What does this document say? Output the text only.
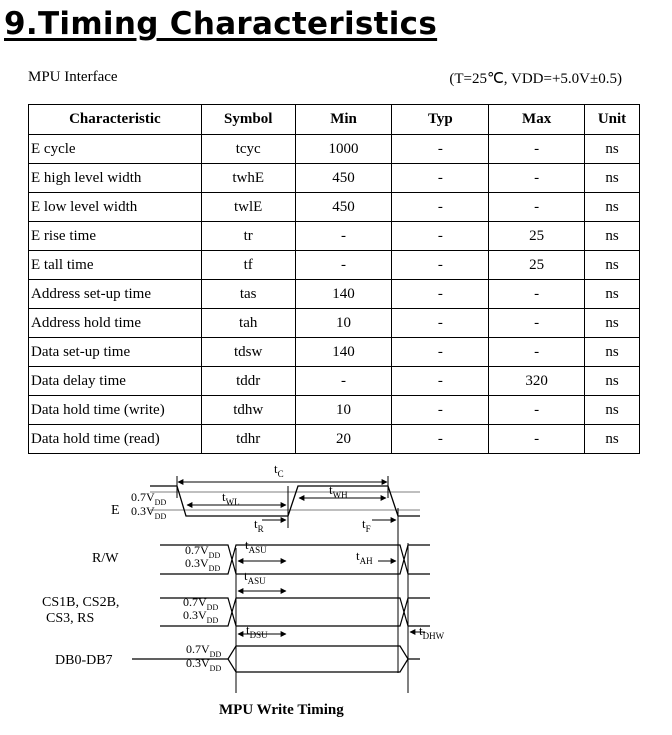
9.Timing Characteristics
MPU Interface	(T=25℃, VDD=+5.0V±0.5)
Characteristic	Symbol	Min	Typ	Max	Unit
E cycle	tcyc	1000	-	-	ns
E high level width	twhE	450	-	-	ns
E low level width	twlE	450	-	-	ns
E rise time	tr	-	-	25	ns
E tall time	tf	-	-	25	ns
Address set-up time	tas	140	-	-	ns
Address hold time	tah	10	-	-	ns
Data set-up time	tdsw	140	-	-	ns
Data delay time	tddr	-	-	320	ns
Data hold time (write)	tdhw	10	-	-	ns
Data hold time (read)	tdhr	20	-	-	ns
E
R/W
CS1B, CS2B,
CS3, RS
DB0-DB7
$0.7V_{DD}$
$0.3V_{DD}$
$0.7V_{DD}$
$0.3V_{DD}$
$0.7V_{DD}$
$0.3V_{DD}$
$0.7V_{DD}$
$0.3V_{DD}$
$t_C$
$t_{WL}$
$t_{WH}$
$t_R$	$t_F$
$t_{ASU}$
$t_{ASU}$
$t_{AH}$
$t_{DSU}$	$t_{DHW}$
MPU Write Timing
